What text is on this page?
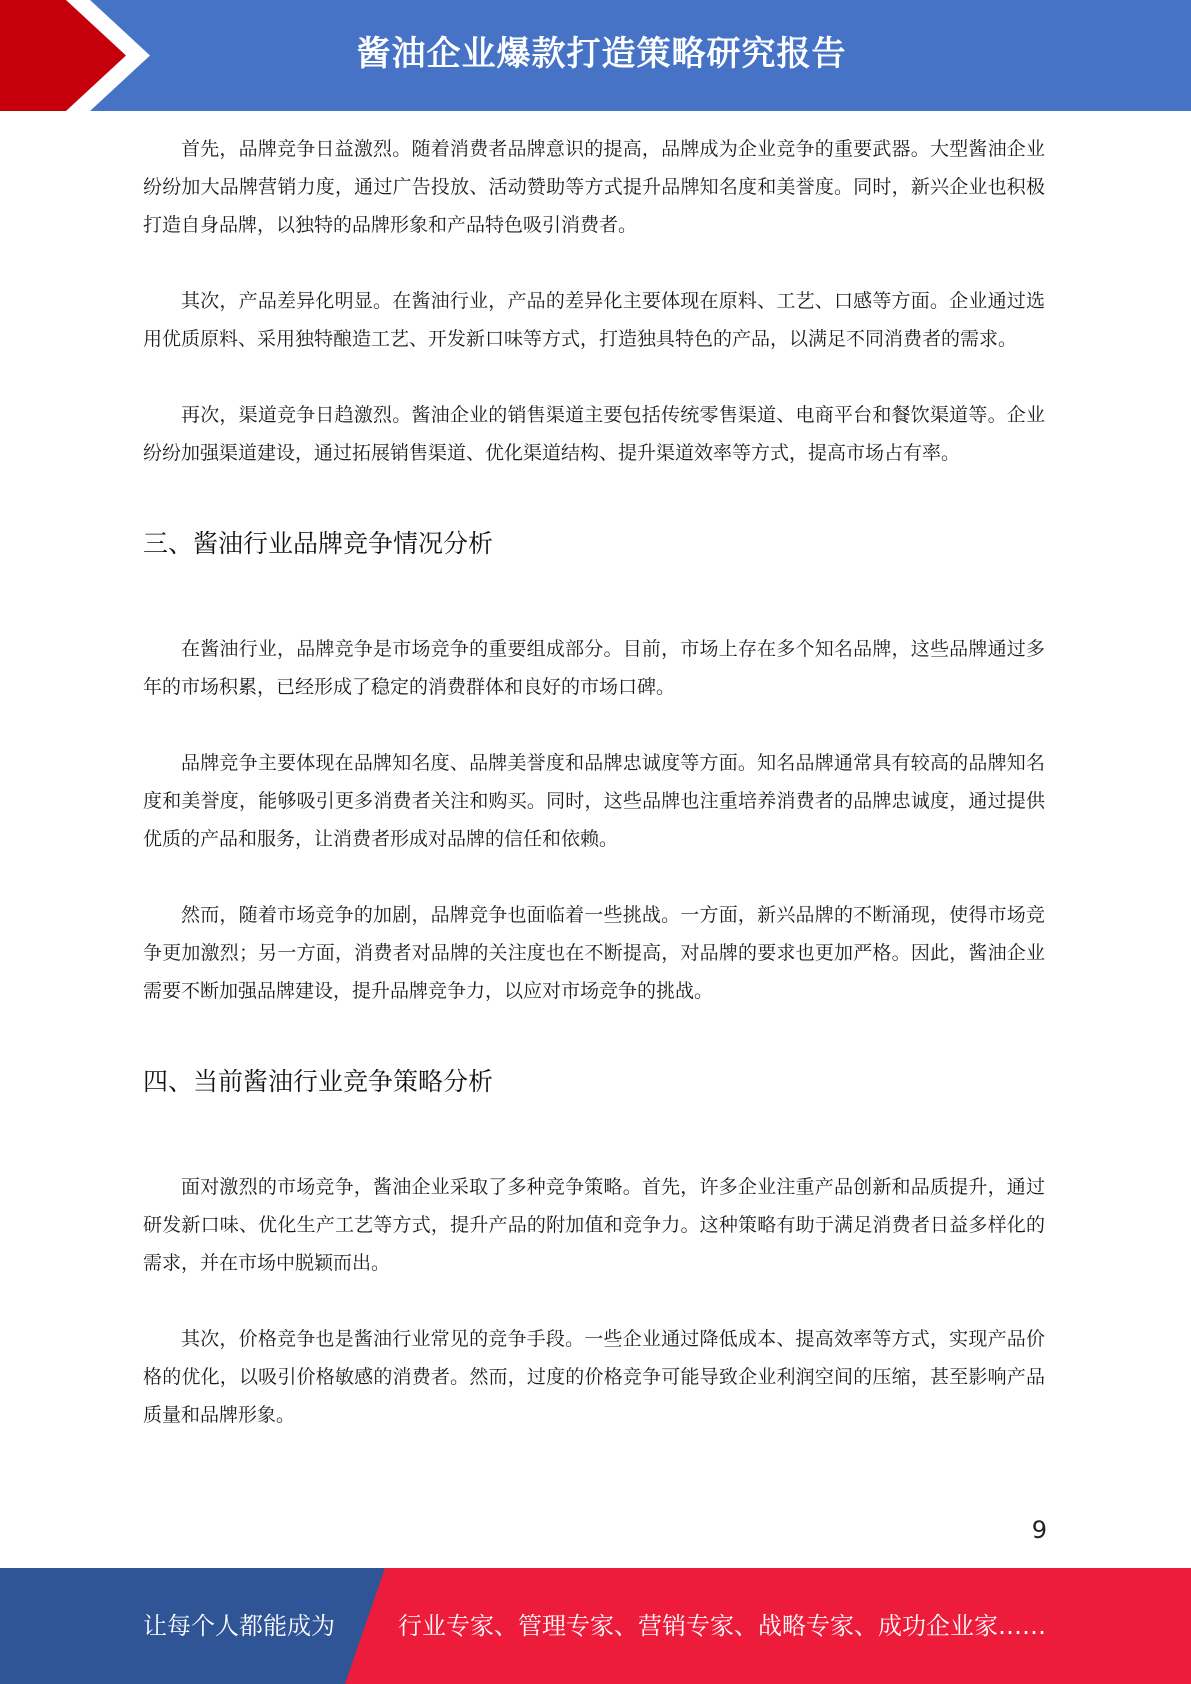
酱油企业爆款打造策略研究报告

首先，品牌竞争日益激烈。随着消费者品牌意识的提高，品牌成为企业竞争的重要武器。大型酱油企业纷纷加大品牌营销力度，通过广告投放、活动赞助等方式提升品牌知名度和美誉度。同时，新兴企业也积极打造自身品牌，以独特的品牌形象和产品特色吸引消费者。

其次，产品差异化明显。在酱油行业，产品的差异化主要体现在原料、工艺、口感等方面。企业通过选用优质原料、采用独特酿造工艺、开发新口味等方式，打造独具特色的产品，以满足不同消费者的需求。

再次，渠道竞争日趋激烈。酱油企业的销售渠道主要包括传统零售渠道、电商平台和餐饮渠道等。企业纷纷加强渠道建设，通过拓展销售渠道、优化渠道结构、提升渠道效率等方式，提高市场占有率。

三、酱油行业品牌竞争情况分析

在酱油行业，品牌竞争是市场竞争的重要组成部分。目前，市场上存在多个知名品牌，这些品牌通过多年的市场积累，已经形成了稳定的消费群体和良好的市场口碑。

品牌竞争主要体现在品牌知名度、品牌美誉度和品牌忠诚度等方面。知名品牌通常具有较高的品牌知名度和美誉度，能够吸引更多消费者关注和购买。同时，这些品牌也注重培养消费者的品牌忠诚度，通过提供优质的产品和服务，让消费者形成对品牌的信任和依赖。

然而，随着市场竞争的加剧，品牌竞争也面临着一些挑战。一方面，新兴品牌的不断涌现，使得市场竞争更加激烈；另一方面，消费者对品牌的关注度也在不断提高，对品牌的要求也更加严格。因此，酱油企业需要不断加强品牌建设，提升品牌竞争力，以应对市场竞争的挑战。

四、当前酱油行业竞争策略分析

面对激烈的市场竞争，酱油企业采取了多种竞争策略。首先，许多企业注重产品创新和品质提升，通过研发新口味、优化生产工艺等方式，提升产品的附加值和竞争力。这种策略有助于满足消费者日益多样化的需求，并在市场中脱颖而出。

其次，价格竞争也是酱油行业常见的竞争手段。一些企业通过降低成本、提高效率等方式，实现产品价格的优化，以吸引价格敏感的消费者。然而，过度的价格竞争可能导致企业利润空间的压缩，甚至影响产品质量和品牌形象。

9
让每个人都能成为	行业专家、管理专家、营销专家、战略专家、成功企业家……
